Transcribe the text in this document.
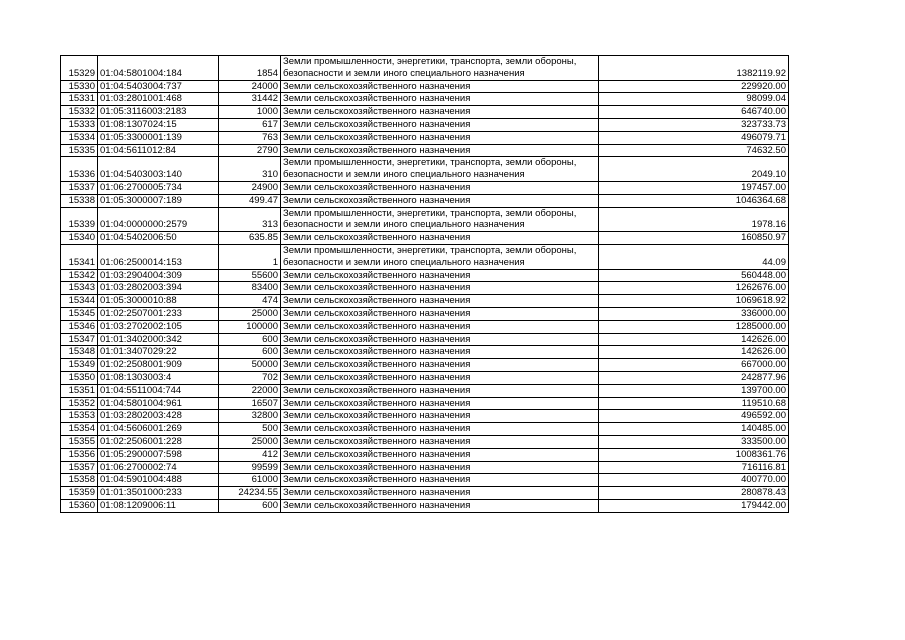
15329	01:04:5801004:184	1854	Земли промышленности, энергетики, транспорта, земли обороны, безопасности и земли иного специального назначения	1382119.92
15330	01:04:5403004:737	24000	Земли сельскохозяйственного назначения	229920.00
15331	01:03:2801001:468	31442	Земли сельскохозяйственного назначения	98099.04
15332	01:05:3116003:2183	1000	Земли сельскохозяйственного назначения	646740.00
15333	01:08:1307024:15	617	Земли сельскохозяйственного назначения	323733.73
15334	01:05:3300001:139	763	Земли сельскохозяйственного назначения	496079.71
15335	01:04:5611012:84	2790	Земли сельскохозяйственного назначения	74632.50
15336	01:04:5403003:140	310	Земли промышленности, энергетики, транспорта, земли обороны, безопасности и земли иного специального назначения	2049.10
15337	01:06:2700005:734	24900	Земли сельскохозяйственного назначения	197457.00
15338	01:05:3000007:189	499.47	Земли сельскохозяйственного назначения	1046364.68
15339	01:04:0000000:2579	313	Земли промышленности, энергетики, транспорта, земли обороны, безопасности и земли иного специального назначения	1978.16
15340	01:04:5402006:50	635.85	Земли сельскохозяйственного назначения	160850.97
15341	01:06:2500014:153	1	Земли промышленности, энергетики, транспорта, земли обороны, безопасности и земли иного специального назначения	44.09
15342	01:03:2904004:309	55600	Земли сельскохозяйственного назначения	560448.00
15343	01:03:2802003:394	83400	Земли сельскохозяйственного назначения	1262676.00
15344	01:05:3000010:88	474	Земли сельскохозяйственного назначения	1069618.92
15345	01:02:2507001:233	25000	Земли сельскохозяйственного назначения	336000.00
15346	01:03:2702002:105	100000	Земли сельскохозяйственного назначения	1285000.00
15347	01:01:3402000:342	600	Земли сельскохозяйственного назначения	142626.00
15348	01:01:3407029:22	600	Земли сельскохозяйственного назначения	142626.00
15349	01:02:2508001:909	50000	Земли сельскохозяйственного назначения	667000.00
15350	01:08:1303003:4	702	Земли сельскохозяйственного назначения	242877.96
15351	01:04:5511004:744	22000	Земли сельскохозяйственного назначения	139700.00
15352	01:04:5801004:961	16507	Земли сельскохозяйственного назначения	119510.68
15353	01:03:2802003:428	32800	Земли сельскохозяйственного назначения	496592.00
15354	01:04:5606001:269	500	Земли сельскохозяйственного назначения	140485.00
15355	01:02:2506001:228	25000	Земли сельскохозяйственного назначения	333500.00
15356	01:05:2900007:598	412	Земли сельскохозяйственного назначения	1008361.76
15357	01:06:2700002:74	99599	Земли сельскохозяйственного назначения	716116.81
15358	01:04:5901004:488	61000	Земли сельскохозяйственного назначения	400770.00
15359	01:01:3501000:233	24234.55	Земли сельскохозяйственного назначения	280878.43
15360	01:08:1209006:11	600	Земли сельскохозяйственного назначения	179442.00
